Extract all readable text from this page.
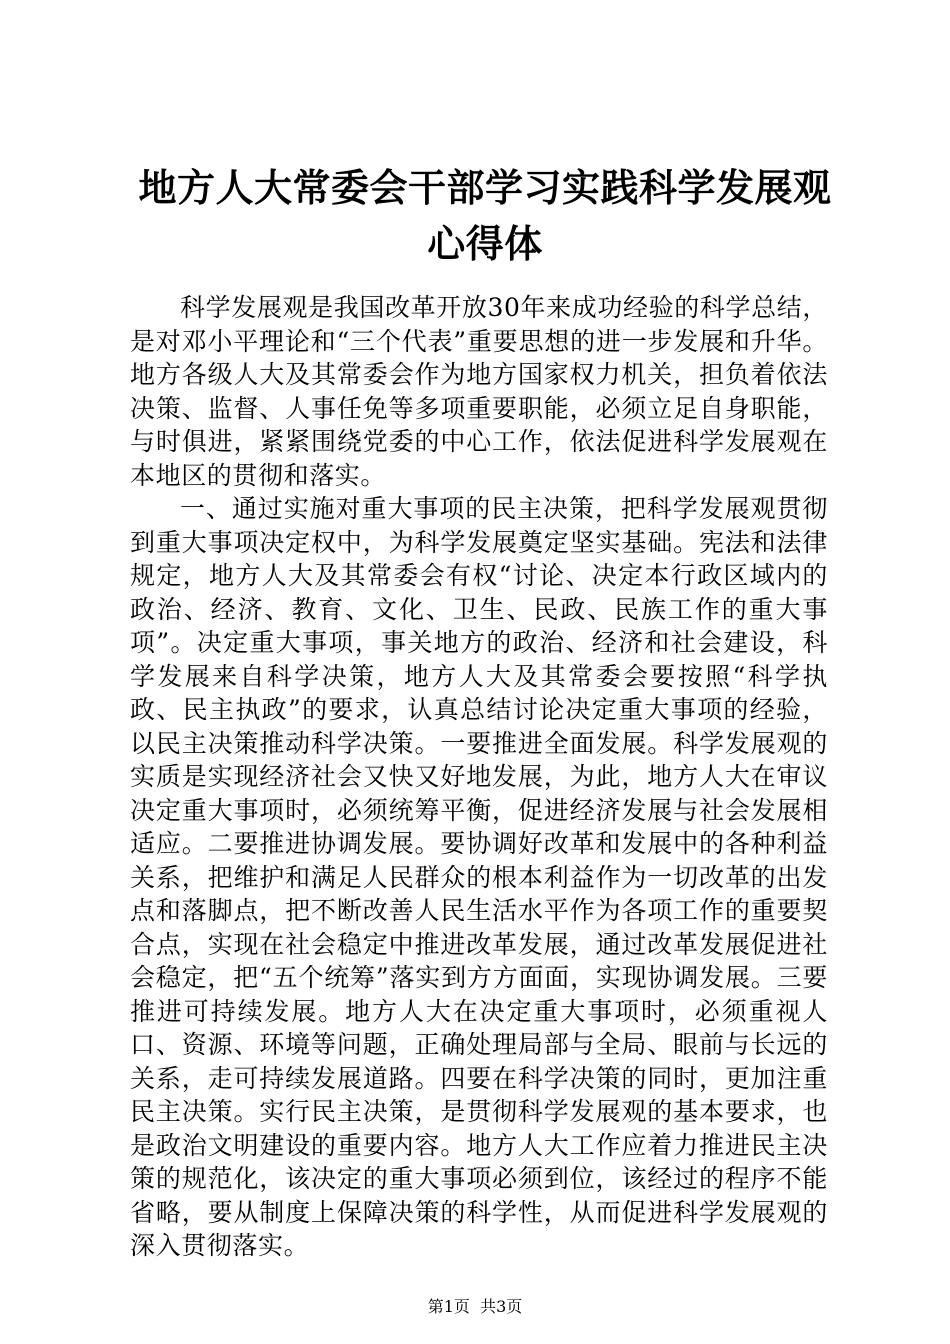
地方人大常委会干部学习实践科学发展观心得体

科学发展观是我国改革开放30年来成功经验的科学总结，是对邓小平理论和“三个代表”重要思想的进一步发展和升华。地方各级人大及其常委会作为地方国家权力机关，担负着依法决策、监督、人事任免等多项重要职能，必须立足自身职能，与时俱进，紧紧围绕党委的中心工作，依法促进科学发展观在本地区的贯彻和落实。

一、通过实施对重大事项的民主决策，把科学发展观贯彻到重大事项决定权中，为科学发展奠定坚实基础。宪法和法律规定，地方人大及其常委会有权“讨论、决定本行政区域内的政治、经济、教育、文化、卫生、民政、民族工作的重大事项”。决定重大事项，事关地方的政治、经济和社会建设，科学发展来自科学决策，地方人大及其常委会要按照“科学执政、民主执政”的要求，认真总结讨论决定重大事项的经验，以民主决策推动科学决策。一要推进全面发展。科学发展观的实质是实现经济社会又快又好地发展，为此，地方人大在审议决定重大事项时，必须统筹平衡，促进经济发展与社会发展相适应。二要推进协调发展。要协调好改革和发展中的各种利益关系，把维护和满足人民群众的根本利益作为一切改革的出发点和落脚点，把不断改善人民生活水平作为各项工作的重要契合点，实现在社会稳定中推进改革发展，通过改革发展促进社会稳定，把“五个统筹”落实到方方面面，实现协调发展。三要推进可持续发展。地方人大在决定重大事项时，必须重视人口、资源、环境等问题，正确处理局部与全局、眼前与长远的关系，走可持续发展道路。四要在科学决策的同时，更加注重民主决策。实行民主决策，是贯彻科学发展观的基本要求，也是政治文明建设的重要内容。地方人大工作应着力推进民主决策的规范化，该决定的重大事项必须到位，该经过的程序不能省略，要从制度上保障决策的科学性，从而促进科学发展观的深入贯彻落实。

第1页 共3页
